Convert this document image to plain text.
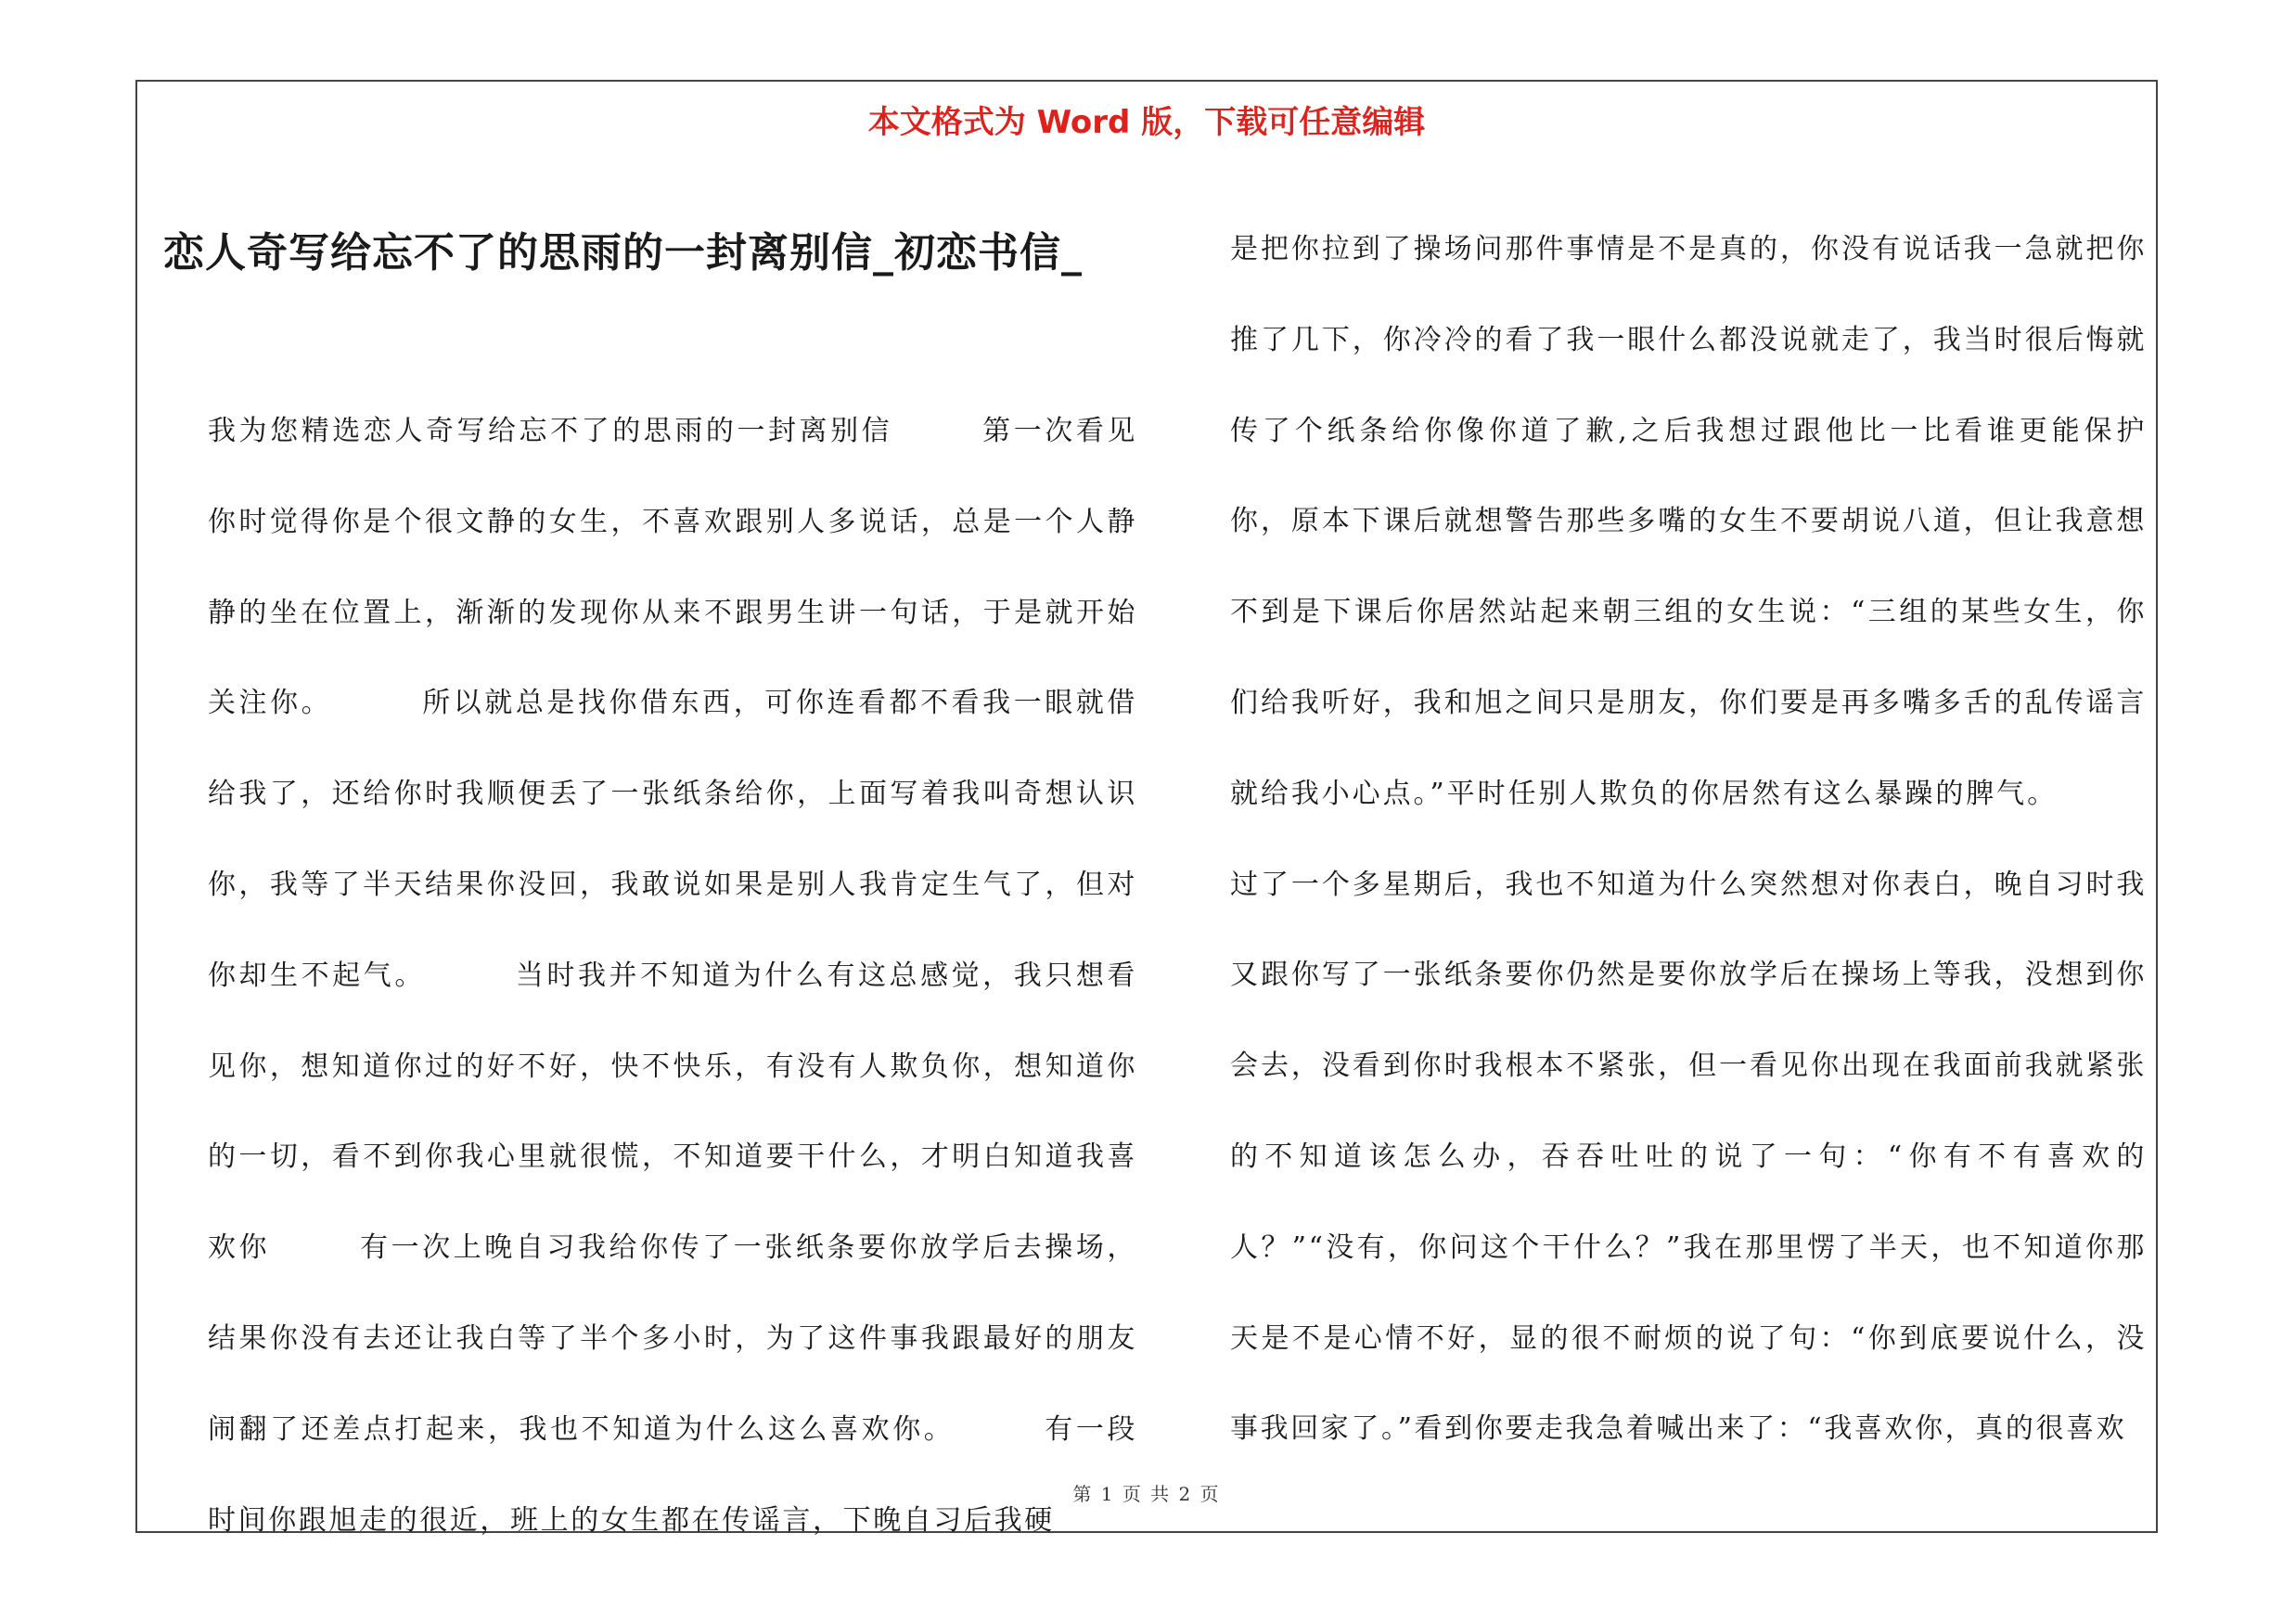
本文格式为 Word 版，下载可任意编辑
恋人奇写给忘不了的思雨的一封离别信_初恋书信_
我为您精选恋人奇写给忘不了的思雨的一封离别信	第一次看见你时觉得你是个很文静的女生，不喜欢跟别人多说话，总是一个人静静的坐在位置上，渐渐的发现你从来不跟男生讲一句话，于是就开始关注你。	所以就总是找你借东西，可你连看都不看我一眼就借给我了，还给你时我顺便丢了一张纸条给你，上面写着我叫奇想认识你，我等了半天结果你没回，我敢说如果是别人我肯定生气了，但对你却生不起气。	当时我并不知道为什么有这总感觉，我只想看见你，想知道你过的好不好，快不快乐，有没有人欺负你，想知道你的一切，看不到你我心里就很慌，不知道要干什么，才明白知道我喜欢你	有一次上晚自习我给你传了一张纸条要你放学后去操场，结果你没有去还让我白等了半个多小时，为了这件事我跟最好的朋友闹翻了还差点打起来，我也不知道为什么这么喜欢你。	有一段时间你跟旭走的很近，班上的女生都在传谣言，下晚自习后我硬
是把你拉到了操场问那件事情是不是真的，你没有说话我一急就把你推了几下，你冷冷的看了我一眼什么都没说就走了，我当时很后悔就传了个纸条给你像你道了歉,之后我想过跟他比一比看谁更能保护你，原本下课后就想警告那些多嘴的女生不要胡说八道，但让我意想不到是下课后你居然站起来朝三组的女生说：“三组的某些女生，你们给我听好，我和旭之间只是朋友，你们要是再多嘴多舌的乱传谣言就给我小心点。”平时任别人欺负的你居然有这么暴躁的脾气。过了一个多星期后，我也不知道为什么突然想对你表白，晚自习时我又跟你写了一张纸条要你仍然是要你放学后在操场上等我，没想到你会去，没看到你时我根本不紧张，但一看见你出现在我面前我就紧张的不知道该怎么办，吞吞吐吐的说了一句：“你有不有喜欢的人？”“没有，你问这个干什么？”我在那里愣了半天，也不知道你那天是不是心情不好，显的很不耐烦的说了句：“你到底要说什么，没事我回家了。”看到你要走我急着喊出来了：“我喜欢你，真的很喜欢
第 1 页 共 2 页
